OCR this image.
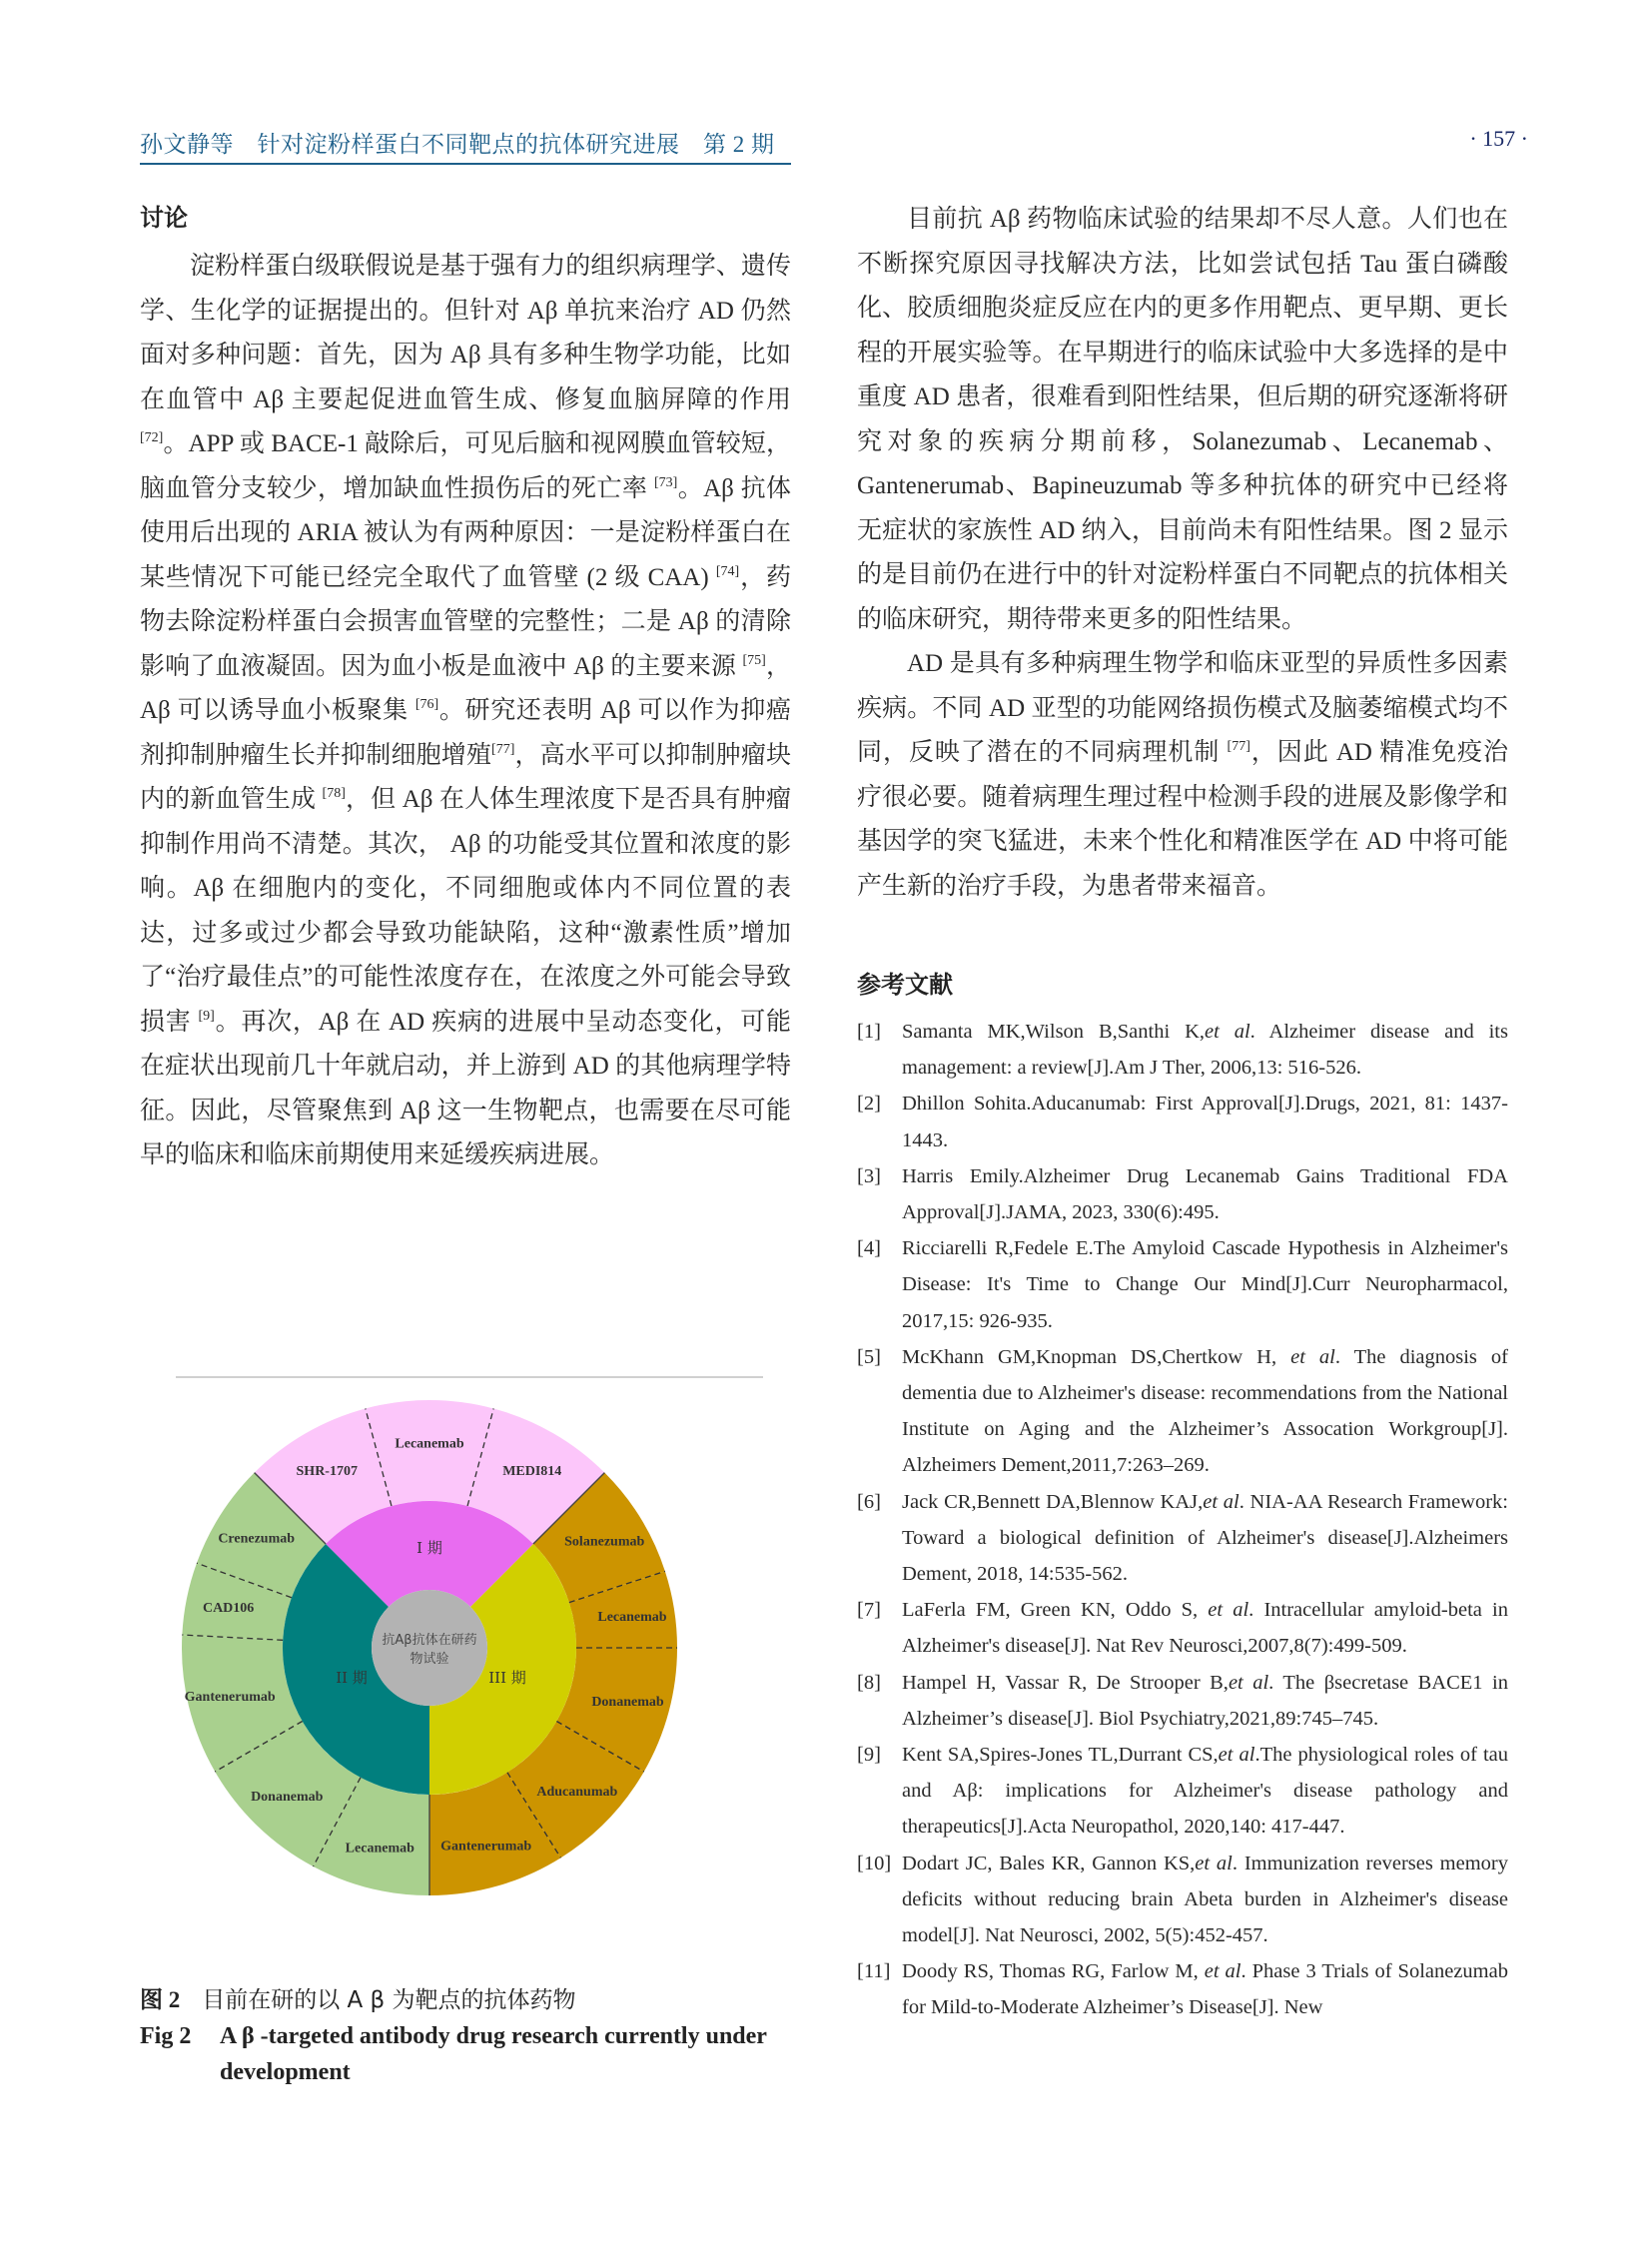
孙文静等　针对淀粉样蛋白不同靶点的抗体研究进展　第 2 期	· 157 ·
讨论

淀粉样蛋白级联假说是基于强有力的组织病理学、遗传学、生化学的证据提出的。但针对 Aβ 单抗来治疗 AD 仍然面对多种问题：首先，因为 Aβ 具有多种生物学功能，比如在血管中 Aβ 主要起促进血管生成、修复血脑屏障的作用[72]。APP 或 BACE-1 敲除后，可见后脑和视网膜血管较短，脑血管分支较少，增加缺血性损伤后的死亡率 [73]。Aβ 抗体使用后出现的 ARIA 被认为有两种原因：一是淀粉样蛋白在某些情况下可能已经完全取代了血管壁 (2 级 CAA) [74]，药物去除淀粉样蛋白会损害血管壁的完整性；二是 Aβ 的清除影响了血液凝固。因为血小板是血液中 Aβ 的主要来源 [75]，Aβ 可以诱导血小板聚集 [76]。研究还表明 Aβ 可以作为抑癌剂抑制肿瘤生长并抑制细胞增殖[77]，高水平可以抑制肿瘤块内的新血管生成 [78]，但 Aβ 在人体生理浓度下是否具有肿瘤抑制作用尚不清楚。其次， Aβ 的功能受其位置和浓度的影响。Aβ 在细胞内的变化，不同细胞或体内不同位置的表达，过多或过少都会导致功能缺陷，这种“激素性质”增加了“治疗最佳点”的可能性浓度存在，在浓度之外可能会导致损害 [9]。再次，Aβ 在 AD 疾病的进展中呈动态变化，可能在症状出现前几十年就启动，并上游到 AD 的其他病理学特征。因此，尽管聚焦到 Aβ 这一生物靶点，也需要在尽可能早的临床和临床前期使用来延缓疾病进展。

SHR-1707
Lecanemab
MEDI814
I 期	Solanezumab
Lecanemab
Donanemab
Aducanumab
Gantenerumab
III 期
Lecanemab
Donanemab
Gantenerumab
CAD106
Crenezumab
II 期
抗Aβ抗体在研药
物试验

图 2 目前在研的以 A β 为靶点的抗体药物

Fig 2	A β -targeted antibody drug research currently under development

目前抗 Aβ 药物临床试验的结果却不尽人意。人们也在不断探究原因寻找解决方法，比如尝试包括 Tau 蛋白磷酸化、胶质细胞炎症反应在内的更多作用靶点、更早期、更长程的开展实验等。在早期进行的临床试验中大多选择的是中重度 AD 患者，很难看到阳性结果，但后期的研究逐渐将研究对象的疾病分期前移，Solanezumab、Lecanemab、Gantenerumab、Bapineuzumab 等多种抗体的研究中已经将无症状的家族性 AD 纳入，目前尚未有阳性结果。图 2 显示的是目前仍在进行中的针对淀粉样蛋白不同靶点的抗体相关的临床研究，期待带来更多的阳性结果。

AD 是具有多种病理生物学和临床亚型的异质性多因素疾病。不同 AD 亚型的功能网络损伤模式及脑萎缩模式均不同，反映了潜在的不同病理机制 [77]，因此 AD 精准免疫治疗很必要。随着病理生理过程中检测手段的进展及影像学和基因学的突飞猛进，未来个性化和精准医学在 AD 中将可能产生新的治疗手段，为患者带来福音。

参考文献
[1]	Samanta MK,Wilson B,Santhi K,et al. Alzheimer disease and its management: a review[J].Am J Ther, 2006,13: 516-526.
[2]	Dhillon Sohita.Aducanumab: First Approval[J].Drugs, 2021, 81: 1437-1443.
[3]	Harris Emily.Alzheimer Drug Lecanemab Gains Traditional FDA Approval[J].JAMA, 2023, 330(6):495.
[4]	Ricciarelli R,Fedele E.The Amyloid Cascade Hypothesis in Alzheimer's Disease: It's Time to Change Our Mind[J].Curr Neuropharmacol, 2017,15: 926-935.
[5]	McKhann GM,Knopman DS,Chertkow H, et al. The diagnosis of dementia due to Alzheimer's disease: recommendations from the National Institute on Aging and the Alzheimer’s Assocation Workgroup[J]. Alzheimers Dement,2011,7:263–269.
[6]	Jack CR,Bennett DA,Blennow KAJ,et al. NIA-AA Research Framework: Toward a biological definition of Alzheimer's disease[J].Alzheimers Dement, 2018, 14:535-562.
[7]	LaFerla FM, Green KN, Oddo S, et al. Intracellular amyloid-beta in Alzheimer's disease[J]. Nat Rev Neurosci,2007,8(7):499-509.
[8]	Hampel H, Vassar R, De Strooper B,et al. The βsecretase BACE1 in Alzheimer’s disease[J]. Biol Psychiatry,2021,89:745–745.
[9]	Kent SA,Spires-Jones TL,Durrant CS,et al.The physiological roles of tau and Aβ: implications for Alzheimer's disease pathology and therapeutics[J].Acta Neuropathol, 2020,140: 417-447.
[10] Dodart JC, Bales KR, Gannon KS,et al. Immunization reverses memory deficits without reducing brain Abeta burden in Alzheimer's disease model[J]. Nat Neurosci, 2002, 5(5):452-457.
[11] Doody RS, Thomas RG, Farlow M, et al. Phase 3 Trials of Solanezumab for Mild-to-Moderate Alzheimer’s Disease[J]. New
